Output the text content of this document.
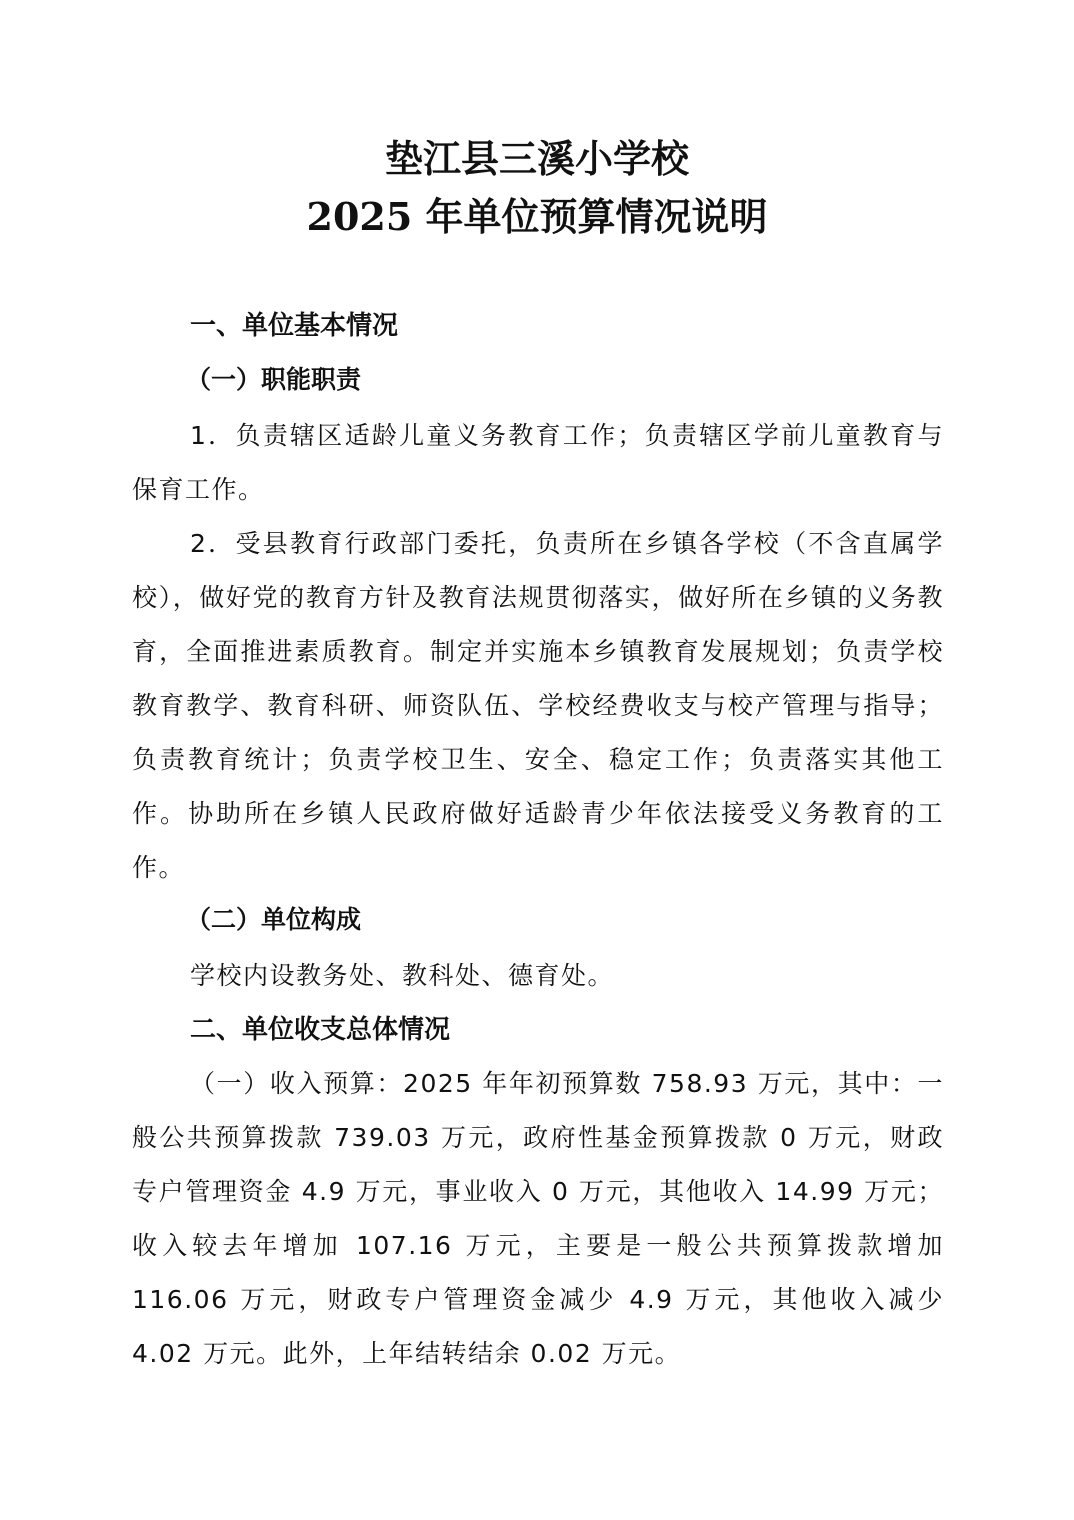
垫江县三溪小学校
2025 年单位预算情况说明
一、单位基本情况
（一）职能职责

1．负责辖区适龄儿童义务教育工作；负责辖区学前儿童教育与保育工作。

2．受县教育行政部门委托，负责所在乡镇各学校（不含直属学校），做好党的教育方针及教育法规贯彻落实，做好所在乡镇的义务教育，全面推进素质教育。制定并实施本乡镇教育发展规划；负责学校教育教学、教育科研、师资队伍、学校经费收支与校产管理与指导；负责教育统计；负责学校卫生、安全、稳定工作；负责落实其他工作。协助所在乡镇人民政府做好适龄青少年依法接受义务教育的工作。

（二）单位构成

学校内设教务处、教科处、德育处。

二、单位收支总体情况

（一）收入预算：2025 年年初预算数 758.93 万元，其中：一般公共预算拨款 739.03 万元，政府性基金预算拨款 0 万元，财政专户管理资金 4.9 万元，事业收入 0 万元，其他收入 14.99 万元；收入较去年增加 107.16 万元，主要是一般公共预算拨款增加 116.06 万元，财政专户管理资金减少 4.9 万元，其他收入减少 4.02 万元。此外，上年结转结余 0.02 万元。
